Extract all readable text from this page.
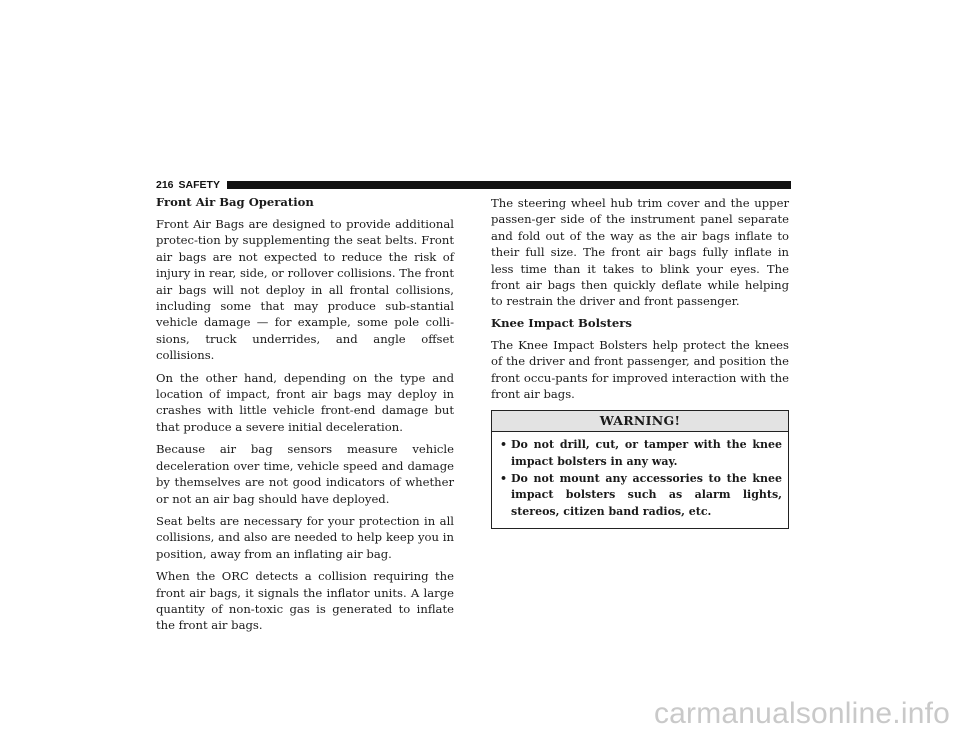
216 SAFETY
Front Air Bag Operation

Front Air Bags are designed to provide additional protec-tion by supplementing the seat belts. Front air bags are not expected to reduce the risk of injury in rear, side, or rollover collisions. The front air bags will not deploy in all frontal collisions, including some that may produce sub-stantial vehicle damage — for example, some pole colli-sions, truck underrides, and angle offset collisions.

On the other hand, depending on the type and location of impact, front air bags may deploy in crashes with little vehicle front-end damage but that produce a severe initial deceleration.

Because air bag sensors measure vehicle deceleration over time, vehicle speed and damage by themselves are not good indicators of whether or not an air bag should have deployed.

Seat belts are necessary for your protection in all collisions, and also are needed to help keep you in position, away from an inflating air bag.

When the ORC detects a collision requiring the front air bags, it signals the inflator units. A large quantity of non-toxic gas is generated to inflate the front air bags.

The steering wheel hub trim cover and the upper passen-ger side of the instrument panel separate and fold out of the way as the air bags inflate to their full size. The front air bags fully inflate in less time than it takes to blink your eyes. The front air bags then quickly deflate while helping to restrain the driver and front passenger.

Knee Impact Bolsters

The Knee Impact Bolsters help protect the knees of the driver and front passenger, and position the front occu-pants for improved interaction with the front air bags.

WARNING!
• Do not drill, cut, or tamper with the knee impact bolsters in any way.
• Do not mount any accessories to the knee impact bolsters such as alarm lights, stereos, citizen band radios, etc.
carmanualsonline.info
